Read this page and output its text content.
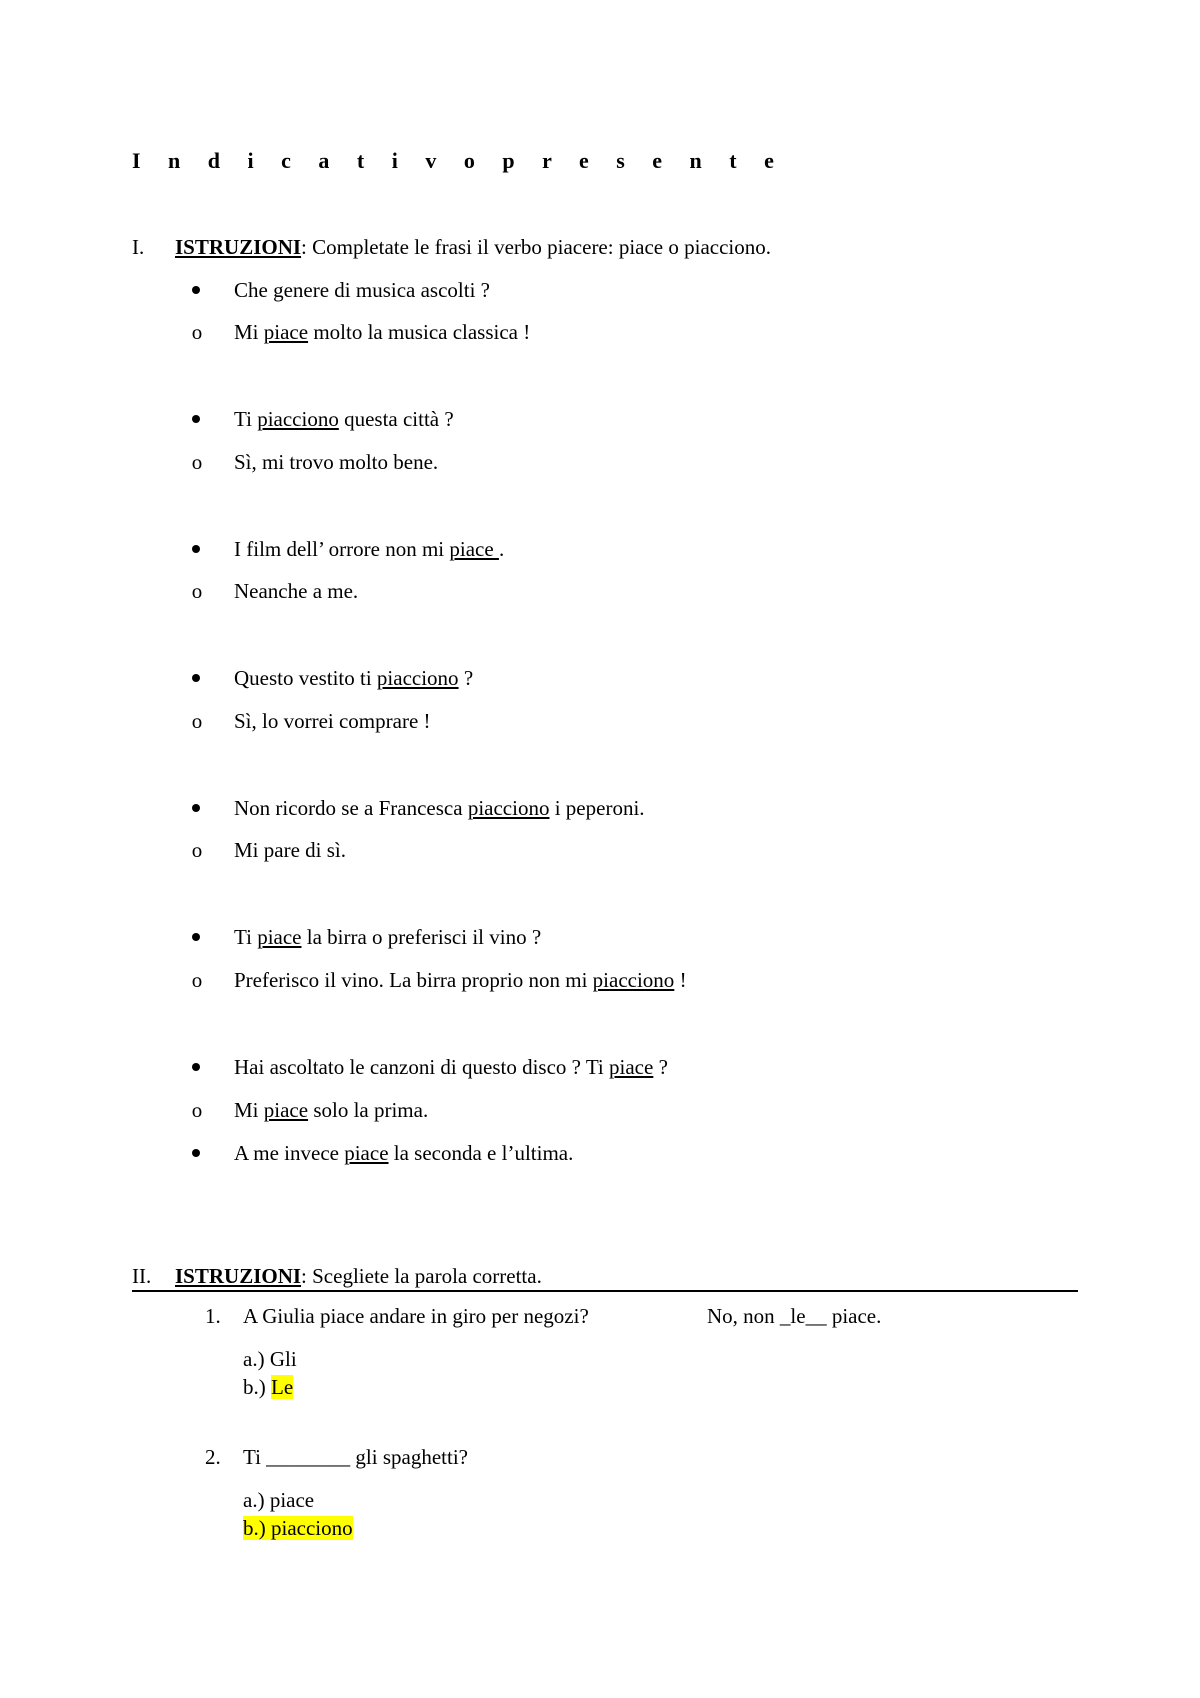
I n d i c a t i v o p r e s e n t e
I. ISTRUZIONI: Completate le frasi il verbo piacere: piace o piacciono.
Che genere di musica ascolti ?
o Mi piace molto la musica classica !
Ti piacciono questa città ?
o Sì, mi trovo molto bene.
I film dell’ orrore non mi piace .
o Neanche a me.
Questo vestito ti piacciono ?
o Sì, lo vorrei comprare !
Non ricordo se a Francesca piacciono i peperoni.
o Mi pare di sì.
Ti piace la birra o preferisci il vino ?
o Preferisco il vino. La birra proprio non mi piacciono !
Hai ascoltato le canzoni di questo disco ? Ti piace ?
o Mi piace solo la prima.
A me invece piace la seconda e l’ultima.
II. ISTRUZIONI: Scegliete la parola corretta.
1. A Giulia piace andare in giro per negozi?	No, non _le__ piace.
a.) Gli
b.) Le
2. Ti ________ gli spaghetti?
a.) piace
b.) piacciono
